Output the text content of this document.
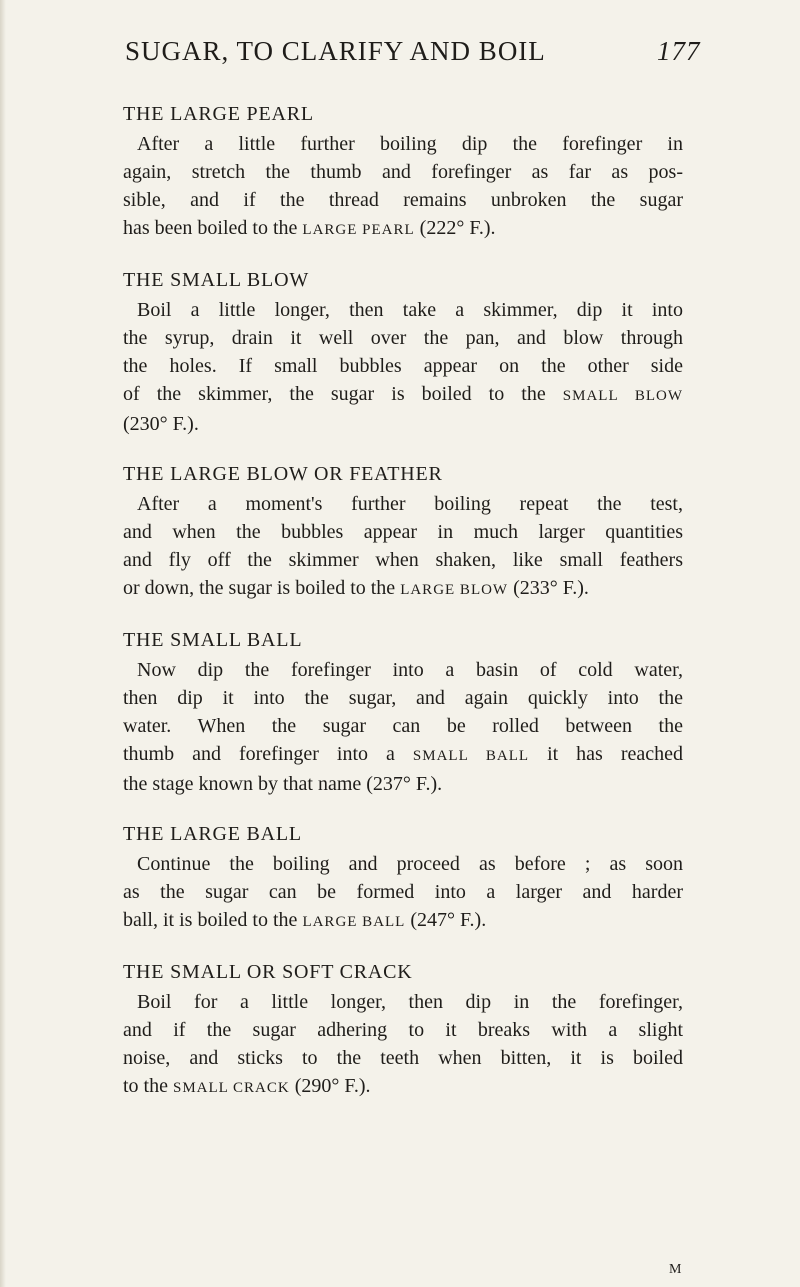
SUGAR, TO CLARIFY AND BOIL	177
THE LARGE PEARL

After a little further boiling dip the forefinger in
again, stretch the thumb and forefinger as far as pos-
sible, and if the thread remains unbroken the sugar
has been boiled to the LARGE PEARL (222° F.).

THE SMALL BLOW

Boil a little longer, then take a skimmer, dip it into
the syrup, drain it well over the pan, and blow through
the holes. If small bubbles appear on the other side
of the skimmer, the sugar is boiled to the SMALL BLOW
(230° F.).

THE LARGE BLOW OR FEATHER

After a moment's further boiling repeat the test,
and when the bubbles appear in much larger quantities
and fly off the skimmer when shaken, like small feathers
or down, the sugar is boiled to the LARGE BLOW (233° F.).

THE SMALL BALL

Now dip the forefinger into a basin of cold water,
then dip it into the sugar, and again quickly into the
water. When the sugar can be rolled between the
thumb and forefinger into a SMALL BALL it has reached
the stage known by that name (237° F.).

THE LARGE BALL

Continue the boiling and proceed as before ; as soon
as the sugar can be formed into a larger and harder
ball, it is boiled to the LARGE BALL (247° F.).

THE SMALL OR SOFT CRACK

Boil for a little longer, then dip in the forefinger,
and if the sugar adhering to it breaks with a slight
noise, and sticks to the teeth when bitten, it is boiled
to the SMALL CRACK (290° F.).

M
